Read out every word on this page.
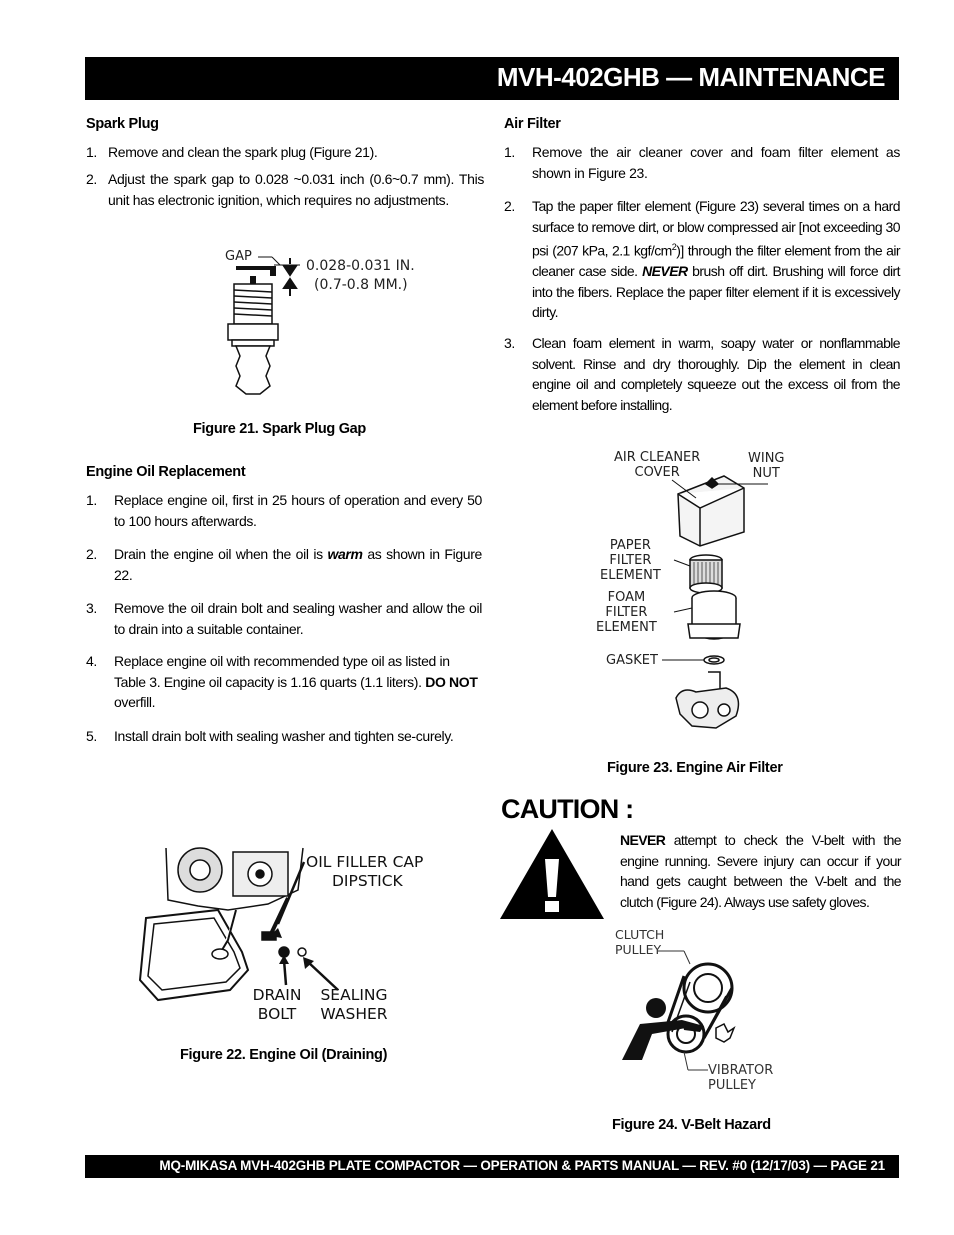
MVH-402GHB — MAINTENANCE
Spark Plug
1. Remove and clean the spark plug (Figure 21).
2. Adjust the spark gap to 0.028 ~0.031 inch (0.6~0.7 mm). This unit has electronic ignition, which requires no adjustments.
GAP
0.028-0.031 IN.
(0.7-0.8 MM.)
Figure 21. Spark Plug Gap
Engine Oil Replacement
1. Replace engine oil, first in 25 hours of operation and every 50 to 100 hours afterwards.
2. Drain the engine oil when the oil is warm as shown in Figure 22.
3. Remove the oil drain bolt and sealing washer and allow the oil to drain into a suitable container.
4. Replace engine oil with recommended type oil as listed in Table 3. Engine oil capacity is 1.16 quarts (1.1 liters). DO NOT overfill.
5. Install drain bolt with sealing washer and tighten se-curely.
OIL FILLER CAP
DIPSTICK
DRAIN
BOLT
SEALING
WASHER
Figure 22. Engine Oil (Draining)
Air Filter
1. Remove the air cleaner cover and foam filter element as shown in Figure 23.
2. Tap the paper filter element (Figure 23) several times on a hard surface to remove dirt, or blow compressed air [not exceeding 30 psi (207 kPa, 2.1 kgf/$cm^2$)] through the filter element from the air cleaner case side. NEVER brush off dirt. Brushing will force dirt into the fibers. Replace the paper filter element if it is excessively dirty.
3. Clean foam element in warm, soapy water or nonflammable solvent. Rinse and dry thoroughly. Dip the element in clean engine oil and completely squeeze out the excess oil from the element before installing.
AIR CLEANER
COVER
WING
NUT
PAPER
FILTER
ELEMENT
FOAM
FILTER
ELEMENT
GASKET
Figure 23. Engine Air Filter
CAUTION :
NEVER attempt to check the V-belt with the engine running. Severe injury can occur if your hand gets caught between the V-belt and the clutch (Figure 24). Always use safety gloves.
CLUTCH
PULLEY
VIBRATOR
PULLEY
Figure 24. V-Belt Hazard
MQ-MIKASA MVH-402GHB PLATE COMPACTOR — OPERATION & PARTS MANUAL — REV. #0 (12/17/03) — PAGE 21
